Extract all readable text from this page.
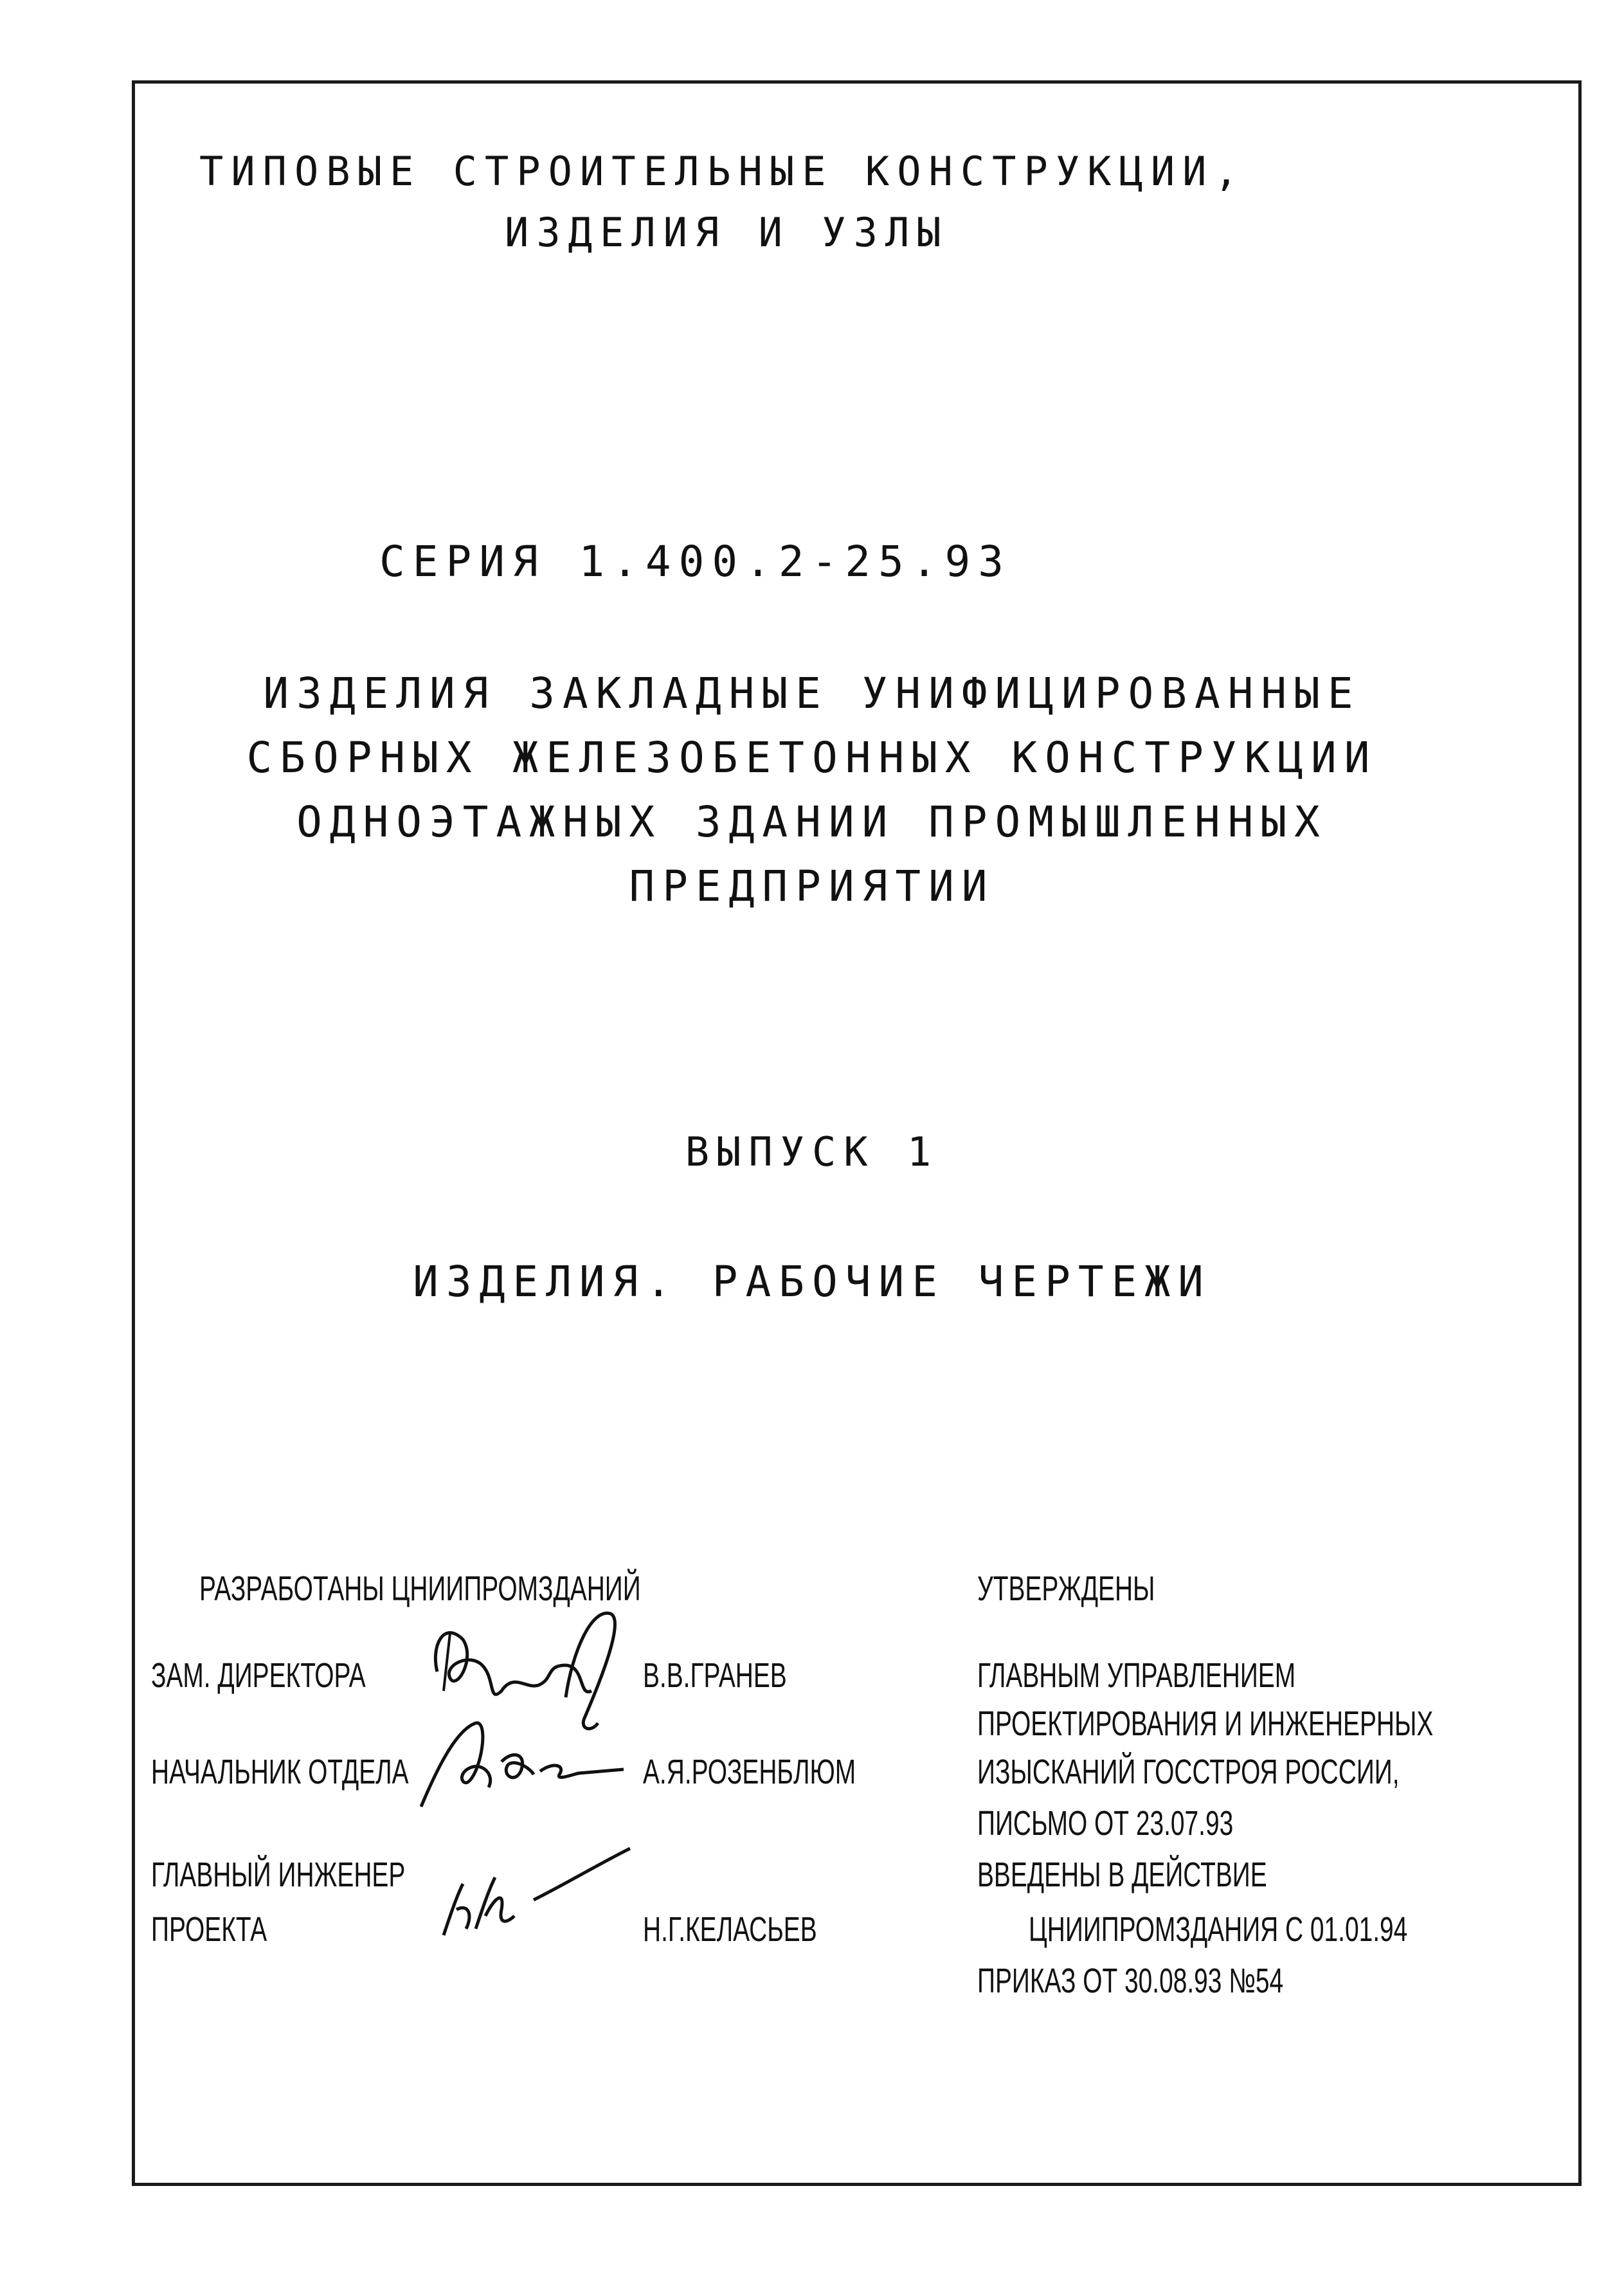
ТИПОВЫЕ СТРОИТЕЛЬНЫЕ КОНСТРУКЦИИ,
ИЗДЕЛИЯ И УЗЛЫ
СЕРИЯ 1.400.2-25.93
ИЗДЕЛИЯ ЗАКЛАДНЫЕ УНИФИЦИРОВАННЫЕ
СБОРНЫХ ЖЕЛЕЗОБЕТОННЫХ КОНСТРУКЦИИ
ОДНОЭТАЖНЫХ ЗДАНИИ ПРОМЫШЛЕННЫХ
ПРЕДПРИЯТИИ
ВЫПУСК 1
ИЗДЕЛИЯ. РАБОЧИЕ ЧЕРТЕЖИ
РАЗРАБОТАНЫ ЦНИИПРОМЗДАНИЙ
ЗАМ. ДИРЕКТОРА	В.В.ГРАНЕВ
НАЧАЛЬНИК ОТДЕЛА	А.Я.РОЗЕНБЛЮМ
ГЛАВНЫЙ ИНЖЕНЕР
ПРОЕКТА	Н.Г.КЕЛАСЬЕВ
УТВЕРЖДЕНЫ
ГЛАВНЫМ УПРАВЛЕНИЕМ
ПРОЕКТИРОВАНИЯ И ИНЖЕНЕРНЫХ
ИЗЫСКАНИЙ ГОССТРОЯ РОССИИ,
ПИСЬМО ОТ 23.07.93
ВВЕДЕНЫ В ДЕЙСТВИЕ
ЦНИИПРОМЗДАНИЯ С 01.01.94
ПРИКАЗ ОТ 30.08.93 №54
